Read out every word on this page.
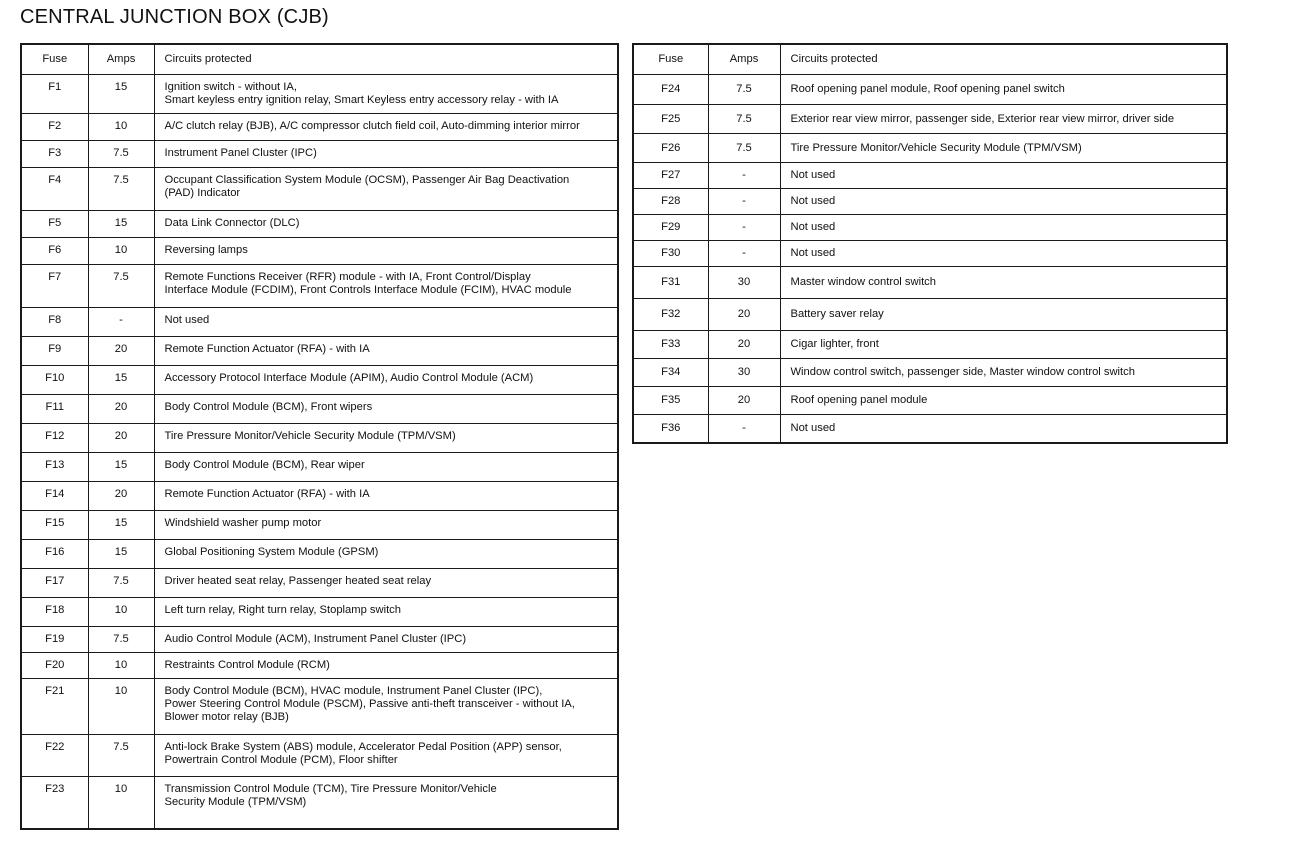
CENTRAL JUNCTION BOX (CJB)
Fuse	Amps	Circuits protected
F1	15	Ignition switch - without IA,
Smart keyless entry ignition relay, Smart Keyless entry accessory relay - with IA

F2	10	A/C clutch relay (BJB), A/C compressor clutch field coil, Auto-dimming interior mirror

F3	7.5	Instrument Panel Cluster (IPC)

F4	7.5	Occupant Classification System Module (OCSM), Passenger Air Bag Deactivation
(PAD) Indicator

F5	15	Data Link Connector (DLC)

F6	10	Reversing lamps

F7	7.5	Remote Functions Receiver (RFR) module - with IA, Front Control/Display
Interface Module (FCDIM), Front Controls Interface Module (FCIM), HVAC module

F8	-	Not used

F9	20	Remote Function Actuator (RFA) - with IA

F10	15	Accessory Protocol Interface Module (APIM), Audio Control Module (ACM)

F11	20	Body Control Module (BCM), Front wipers

F12	20	Tire Pressure Monitor/Vehicle Security Module (TPM/VSM)

F13	15	Body Control Module (BCM), Rear wiper

F14	20	Remote Function Actuator (RFA) - with IA

F15	15	Windshield washer pump motor

F16	15	Global Positioning System Module (GPSM)

F17	7.5	Driver heated seat relay, Passenger heated seat relay

F18	10	Left turn relay, Right turn relay, Stoplamp switch

F19	7.5	Audio Control Module (ACM), Instrument Panel Cluster (IPC)

F20	10	Restraints Control Module (RCM)

F21	10	Body Control Module (BCM), HVAC module, Instrument Panel Cluster (IPC),
Power Steering Control Module (PSCM), Passive anti-theft transceiver - without IA,
Blower motor relay (BJB)

F22	7.5	Anti-lock Brake System (ABS) module, Accelerator Pedal Position (APP) sensor,
Powertrain Control Module (PCM), Floor shifter

F23	10	Transmission Control Module (TCM), Tire Pressure Monitor/Vehicle
Security Module (TPM/VSM)
Fuse	Amps	Circuits protected
F24	7.5	Roof opening panel module, Roof opening panel switch

F25	7.5	Exterior rear view mirror, passenger side, Exterior rear view mirror, driver side

F26	7.5	Tire Pressure Monitor/Vehicle Security Module (TPM/VSM)

F27	-	Not used

F28	-	Not used

F29	-	Not used

F30	-	Not used

F31	30	Master window control switch

F32	20	Battery saver relay

F33	20	Cigar lighter, front

F34	30	Window control switch, passenger side, Master window control switch

F35	20	Roof opening panel module

F36	-	Not used
